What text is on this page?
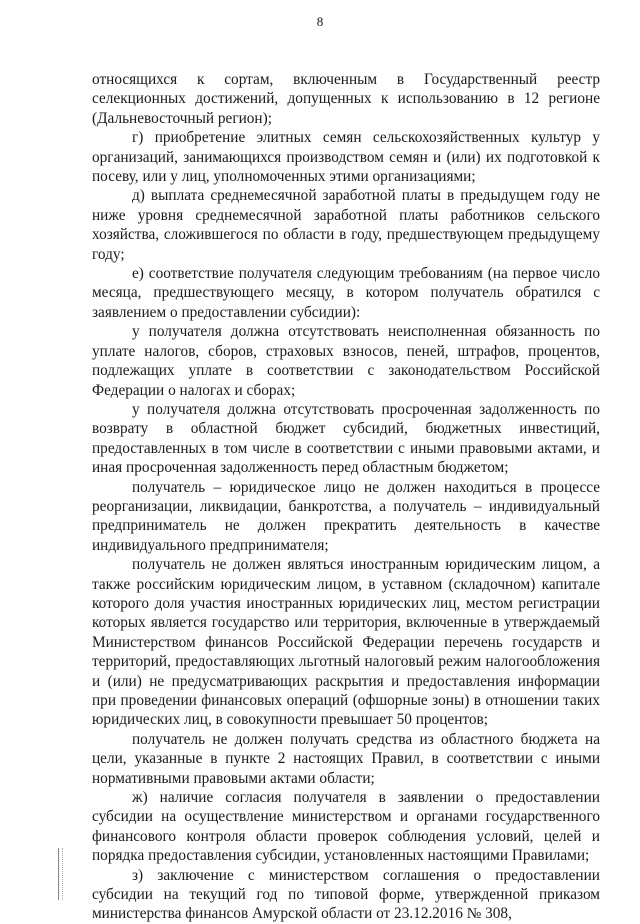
8

относящихся к сортам, включенным в Государственный реестр селекционных достижений, допущенных к использованию в 12 регионе (Дальневосточный регион);

г) приобретение элитных семян сельскохозяйственных культур у организаций, занимающихся производством семян и (или) их подготовкой к посеву, или у лиц, уполномоченных этими организациями;

д) выплата среднемесячной заработной платы в предыдущем году не ниже уровня среднемесячной заработной платы работников сельского хозяйства, сложившегося по области в году, предшествующем предыдущему году;

е) соответствие получателя следующим требованиям (на первое число месяца, предшествующего месяцу, в котором получатель обратился с заявлением о предоставлении субсидии):

у получателя должна отсутствовать неисполненная обязанность по уплате налогов, сборов, страховых взносов, пеней, штрафов, процентов, подлежащих уплате в соответствии с законодательством Российской Федерации о налогах и сборах;

у получателя должна отсутствовать просроченная задолженность по возврату в областной бюджет субсидий, бюджетных инвестиций, предоставленных в том числе в соответствии с иными правовыми актами, и иная просроченная задолженность перед областным бюджетом;

получатель – юридическое лицо не должен находиться в процессе реорганизации, ликвидации, банкротства, а получатель – индивидуальный предприниматель не должен прекратить деятельность в качестве индивидуального предпринимателя;

получатель не должен являться иностранным юридическим лицом, а также российским юридическим лицом, в уставном (складочном) капитале которого доля участия иностранных юридических лиц, местом регистрации которых является государство или территория, включенные в утверждаемый Министерством финансов Российской Федерации перечень государств и территорий, предоставляющих льготный налоговый режим налогообложения и (или) не предусматривающих раскрытия и предоставления информации при проведении финансовых операций (офшорные зоны) в отношении таких юридических лиц, в совокупности превышает 50 процентов;

получатель не должен получать средства из областного бюджета на цели, указанные в пункте 2 настоящих Правил, в соответствии с иными нормативными правовыми актами области;

ж) наличие согласия получателя в заявлении о предоставлении субсидии на осуществление министерством и органами государственного финансового контроля области проверок соблюдения условий, целей и порядка предоставления субсидии, установленных настоящими Правилами;

з) заключение с министерством соглашения о предоставлении субсидии на текущий год по типовой форме, утвержденной приказом министерства финансов Амурской области от 23.12.2016 № 308,
